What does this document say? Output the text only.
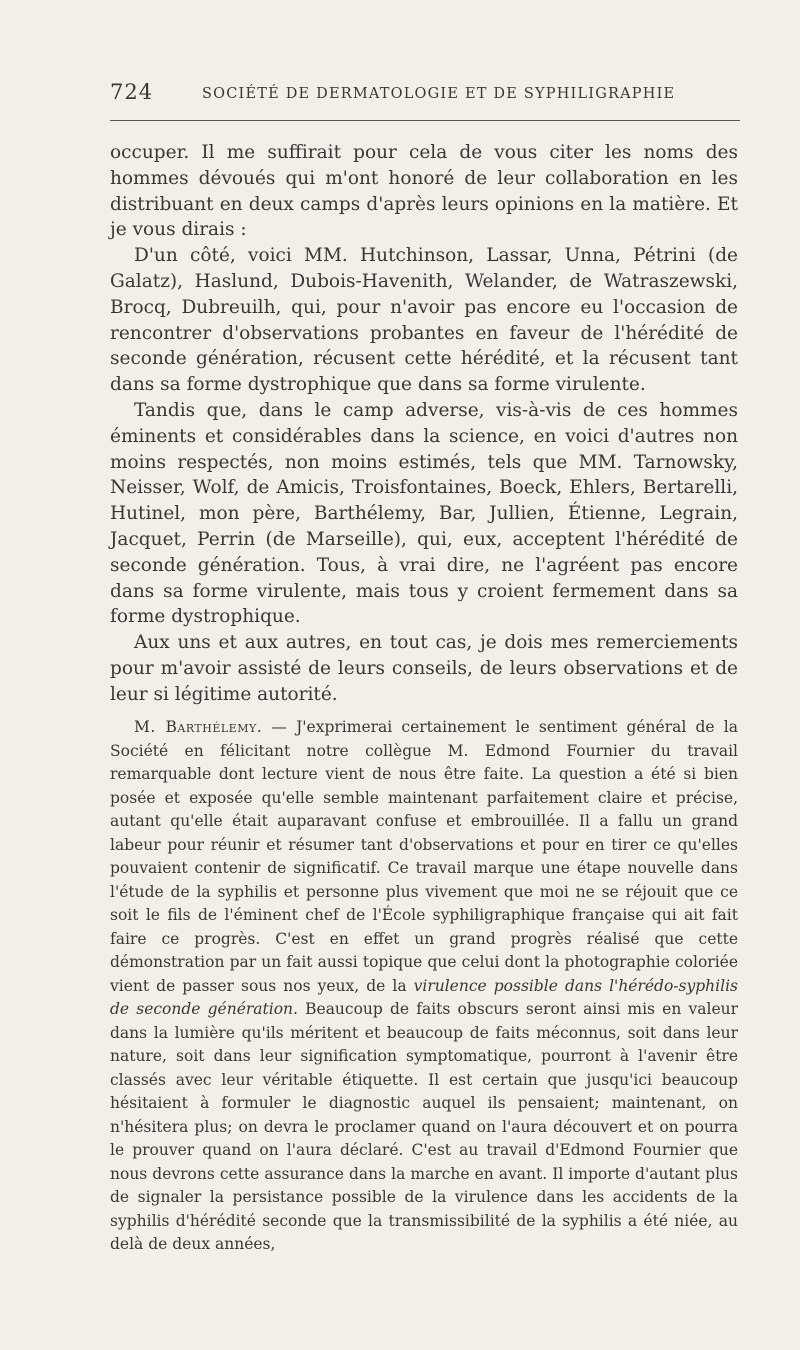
724	SOCIÉTÉ DE DERMATOLOGIE ET DE SYPHILIGRAPHIE

occuper. Il me suffirait pour cela de vous citer les noms des hommes dévoués qui m'ont honoré de leur collaboration en les distribuant en deux camps d'après leurs opinions en la matière. Et je vous dirais :

D'un côté, voici MM. Hutchinson, Lassar, Unna, Pétrini (de Galatz), Haslund, Dubois-Havenith, Welander, de Watraszewski, Brocq, Dubreuilh, qui, pour n'avoir pas encore eu l'occasion de rencontrer d'observations probantes en faveur de l'hérédité de seconde génération, récusent cette hérédité, et la récusent tant dans sa forme dystrophique que dans sa forme virulente.

Tandis que, dans le camp adverse, vis-à-vis de ces hommes éminents et considérables dans la science, en voici d'autres non moins respectés, non moins estimés, tels que MM. Tarnowsky, Neisser, Wolf, de Amicis, Troisfontaines, Boeck, Ehlers, Bertarelli, Hutinel, mon père, Barthélemy, Bar, Jullien, Étienne, Legrain, Jacquet, Perrin (de Marseille), qui, eux, acceptent l'hérédité de seconde génération. Tous, à vrai dire, ne l'agréent pas encore dans sa forme virulente, mais tous y croient fermement dans sa forme dystrophique.

Aux uns et aux autres, en tout cas, je dois mes remerciements pour m'avoir assisté de leurs conseils, de leurs observations et de leur si légitime autorité.

M. Barthélemy. — J'exprimerai certainement le sentiment général de la Société en félicitant notre collègue M. Edmond Fournier du travail remarquable dont lecture vient de nous être faite. La question a été si bien posée et exposée qu'elle semble maintenant parfaitement claire et précise, autant qu'elle était auparavant confuse et embrouillée. Il a fallu un grand labeur pour réunir et résumer tant d'observations et pour en tirer ce qu'elles pouvaient contenir de significatif. Ce travail marque une étape nouvelle dans l'étude de la syphilis et personne plus vivement que moi ne se réjouit que ce soit le fils de l'éminent chef de l'École syphiligraphique française qui ait fait faire ce progrès. C'est en effet un grand progrès réalisé que cette démonstration par un fait aussi topique que celui dont la photographie coloriée vient de passer sous nos yeux, de la virulence possible dans l'hérédo-syphilis de seconde génération. Beaucoup de faits obscurs seront ainsi mis en valeur dans la lumière qu'ils méritent et beaucoup de faits méconnus, soit dans leur nature, soit dans leur signification symptomatique, pourront à l'avenir être classés avec leur véritable étiquette. Il est certain que jusqu'ici beaucoup hésitaient à formuler le diagnostic auquel ils pensaient; maintenant, on n'hésitera plus; on devra le proclamer quand on l'aura découvert et on pourra le prouver quand on l'aura déclaré. C'est au travail d'Edmond Fournier que nous devrons cette assurance dans la marche en avant. Il importe d'autant plus de signaler la persistance possible de la virulence dans les accidents de la syphilis d'hérédité seconde que la transmissibilité de la syphilis a été niée, au delà de deux années,
